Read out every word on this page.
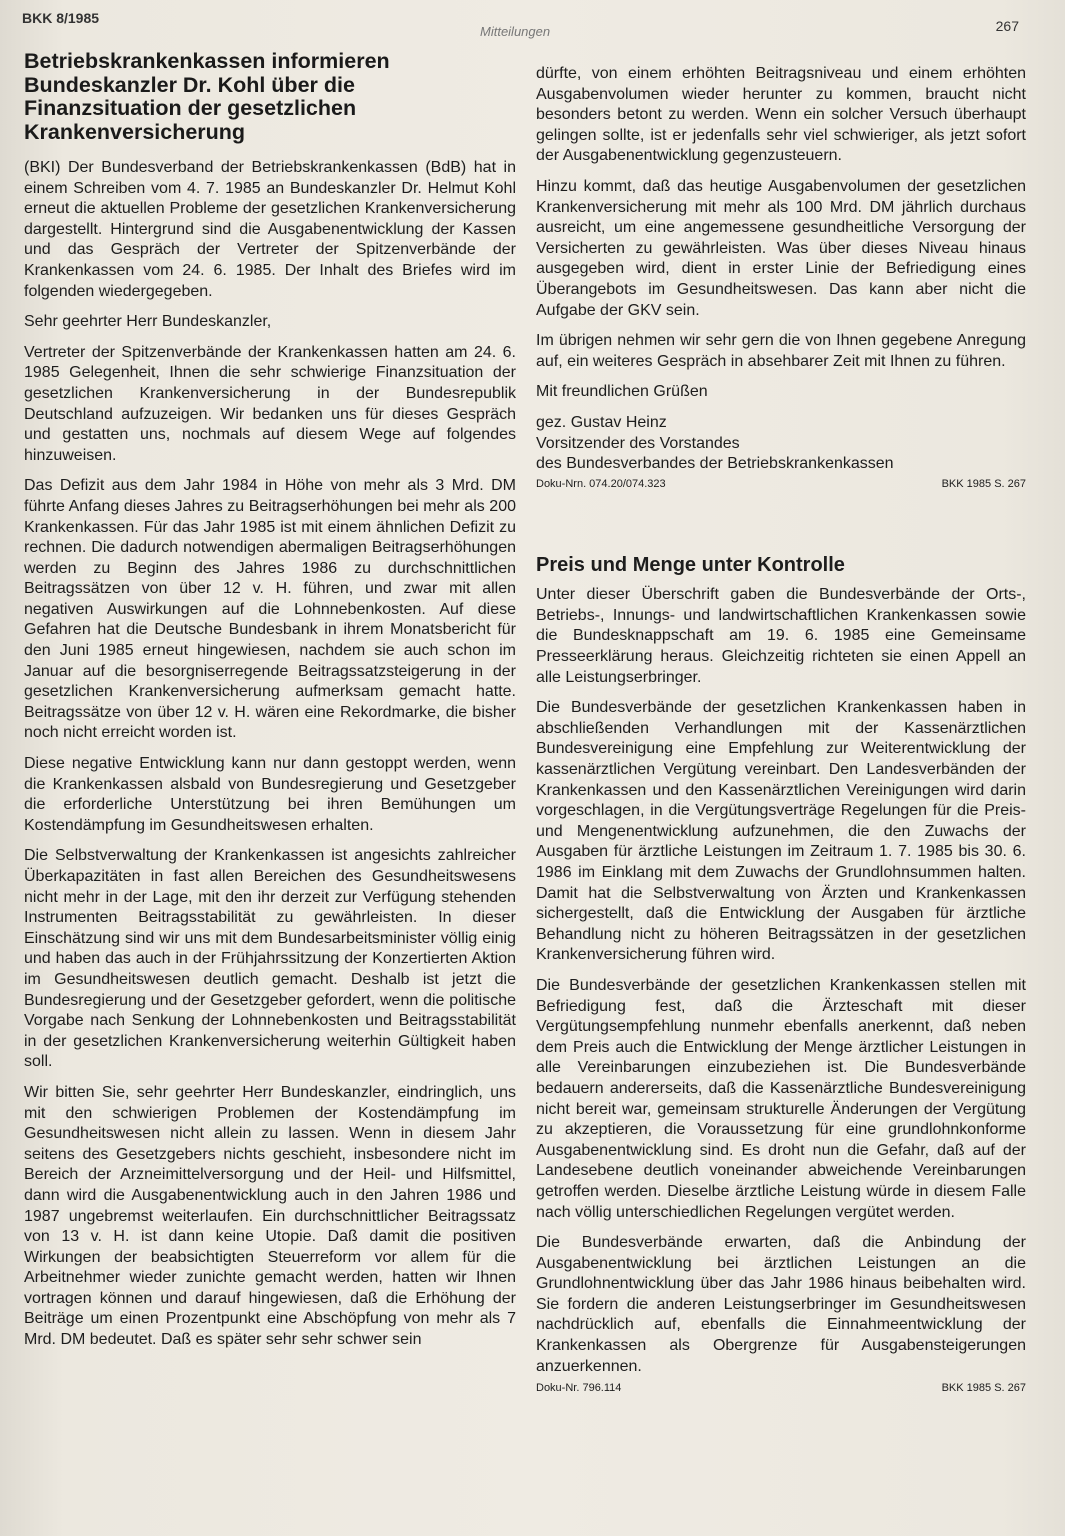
BKK 8/1985
Mitteilungen	267
Betriebskrankenkassen informieren Bundeskanzler Dr. Kohl über die Finanzsituation der gesetzlichen Krankenversicherung

(BKI) Der Bundesverband der Betriebskrankenkassen (BdB) hat in einem Schreiben vom 4. 7. 1985 an Bundeskanzler Dr. Helmut Kohl erneut die aktuellen Probleme der gesetzlichen Krankenversicherung dargestellt. Hintergrund sind die Ausgabenentwicklung der Kassen und das Gespräch der Vertreter der Spitzenverbände der Krankenkassen vom 24. 6. 1985. Der Inhalt des Briefes wird im folgenden wiedergegeben.

Sehr geehrter Herr Bundeskanzler,

Vertreter der Spitzenverbände der Krankenkassen hatten am 24. 6. 1985 Gelegenheit, Ihnen die sehr schwierige Finanzsituation der gesetzlichen Krankenversicherung in der Bundesrepublik Deutschland aufzuzeigen. Wir bedanken uns für dieses Gespräch und gestatten uns, nochmals auf diesem Wege auf folgendes hinzuweisen.

Das Defizit aus dem Jahr 1984 in Höhe von mehr als 3 Mrd. DM führte Anfang dieses Jahres zu Beitragserhöhungen bei mehr als 200 Krankenkassen. Für das Jahr 1985 ist mit einem ähnlichen Defizit zu rechnen. Die dadurch notwendigen abermaligen Beitragserhöhungen werden zu Beginn des Jahres 1986 zu durchschnittlichen Beitragssätzen von über 12 v. H. führen, und zwar mit allen negativen Auswirkungen auf die Lohnnebenkosten. Auf diese Gefahren hat die Deutsche Bundesbank in ihrem Monatsbericht für den Juni 1985 erneut hingewiesen, nachdem sie auch schon im Januar auf die besorgniserregende Beitragssatzsteigerung in der gesetzlichen Krankenversicherung aufmerksam gemacht hatte. Beitragssätze von über 12 v. H. wären eine Rekordmarke, die bisher noch nicht erreicht worden ist.

Diese negative Entwicklung kann nur dann gestoppt werden, wenn die Krankenkassen alsbald von Bundesregierung und Gesetzgeber die erforderliche Unterstützung bei ihren Bemühungen um Kostendämpfung im Gesundheitswesen erhalten.

Die Selbstverwaltung der Krankenkassen ist angesichts zahlreicher Überkapazitäten in fast allen Bereichen des Gesundheitswesens nicht mehr in der Lage, mit den ihr derzeit zur Verfügung stehenden Instrumenten Beitragsstabilität zu gewährleisten. In dieser Einschätzung sind wir uns mit dem Bundesarbeitsminister völlig einig und haben das auch in der Frühjahrssitzung der Konzertierten Aktion im Gesundheitswesen deutlich gemacht. Deshalb ist jetzt die Bundesregierung und der Gesetzgeber gefordert, wenn die politische Vorgabe nach Senkung der Lohnnebenkosten und Beitragsstabilität in der gesetzlichen Krankenversicherung weiterhin Gültigkeit haben soll.

Wir bitten Sie, sehr geehrter Herr Bundeskanzler, eindringlich, uns mit den schwierigen Problemen der Kostendämpfung im Gesundheitswesen nicht allein zu lassen. Wenn in diesem Jahr seitens des Gesetzgebers nichts geschieht, insbesondere nicht im Bereich der Arzneimittelversorgung und der Heil- und Hilfsmittel, dann wird die Ausgabenentwicklung auch in den Jahren 1986 und 1987 ungebremst weiterlaufen. Ein durchschnittlicher Beitragssatz von 13 v. H. ist dann keine Utopie. Daß damit die positiven Wirkungen der beabsichtigten Steuerreform vor allem für die Arbeitnehmer wieder zunichte gemacht werden, hatten wir Ihnen vortragen können und darauf hingewiesen, daß die Erhöhung der Beiträge um einen Prozentpunkt eine Abschöpfung von mehr als 7 Mrd. DM bedeutet. Daß es später sehr sehr schwer sein

dürfte, von einem erhöhten Beitragsniveau und einem erhöhten Ausgabenvolumen wieder herunter zu kommen, braucht nicht besonders betont zu werden. Wenn ein solcher Versuch überhaupt gelingen sollte, ist er jedenfalls sehr viel schwieriger, als jetzt sofort der Ausgabenentwicklung gegenzusteuern.

Hinzu kommt, daß das heutige Ausgabenvolumen der gesetzlichen Krankenversicherung mit mehr als 100 Mrd. DM jährlich durchaus ausreicht, um eine angemessene gesundheitliche Versorgung der Versicherten zu gewährleisten. Was über dieses Niveau hinaus ausgegeben wird, dient in erster Linie der Befriedigung eines Überangebots im Gesundheitswesen. Das kann aber nicht die Aufgabe der GKV sein.

Im übrigen nehmen wir sehr gern die von Ihnen gegebene Anregung auf, ein weiteres Gespräch in absehbarer Zeit mit Ihnen zu führen.

Mit freundlichen Grüßen

gez. Gustav Heinz
Vorsitzender des Vorstandes
des Bundesverbandes der Betriebskrankenkassen
Doku-Nrn. 074.20/074.323	BKK 1985 S. 267
Preis und Menge unter Kontrolle

Unter dieser Überschrift gaben die Bundesverbände der Orts-, Betriebs-, Innungs- und landwirtschaftlichen Krankenkassen sowie die Bundesknappschaft am 19. 6. 1985 eine Gemeinsame Presseerklärung heraus. Gleichzeitig richteten sie einen Appell an alle Leistungserbringer.

Die Bundesverbände der gesetzlichen Krankenkassen haben in abschließenden Verhandlungen mit der Kassenärztlichen Bundesvereinigung eine Empfehlung zur Weiterentwicklung der kassenärztlichen Vergütung vereinbart. Den Landesverbänden der Krankenkassen und den Kassenärztlichen Vereinigungen wird darin vorgeschlagen, in die Vergütungsverträge Regelungen für die Preis- und Mengenentwicklung aufzunehmen, die den Zuwachs der Ausgaben für ärztliche Leistungen im Zeitraum 1. 7. 1985 bis 30. 6. 1986 im Einklang mit dem Zuwachs der Grundlohnsummen halten. Damit hat die Selbstverwaltung von Ärzten und Krankenkassen sichergestellt, daß die Entwicklung der Ausgaben für ärztliche Behandlung nicht zu höheren Beitragssätzen in der gesetzlichen Krankenversicherung führen wird.

Die Bundesverbände der gesetzlichen Krankenkassen stellen mit Befriedigung fest, daß die Ärzteschaft mit dieser Vergütungsempfehlung nunmehr ebenfalls anerkennt, daß neben dem Preis auch die Entwicklung der Menge ärztlicher Leistungen in alle Vereinbarungen einzubeziehen ist. Die Bundesverbände bedauern andererseits, daß die Kassenärztliche Bundesvereinigung nicht bereit war, gemeinsam strukturelle Änderungen der Vergütung zu akzeptieren, die Voraussetzung für eine grundlohnkonforme Ausgabenentwicklung sind. Es droht nun die Gefahr, daß auf der Landesebene deutlich voneinander abweichende Vereinbarungen getroffen werden. Dieselbe ärztliche Leistung würde in diesem Falle nach völlig unterschiedlichen Regelungen vergütet werden.

Die Bundesverbände erwarten, daß die Anbindung der Ausgabenentwicklung bei ärztlichen Leistungen an die Grundlohnentwicklung über das Jahr 1986 hinaus beibehalten wird. Sie fordern die anderen Leistungserbringer im Gesundheitswesen nachdrücklich auf, ebenfalls die Einnahmeentwicklung der Krankenkassen als Obergrenze für Ausgabensteigerungen anzuerkennen.

Doku-Nr. 796.114	BKK 1985 S. 267
